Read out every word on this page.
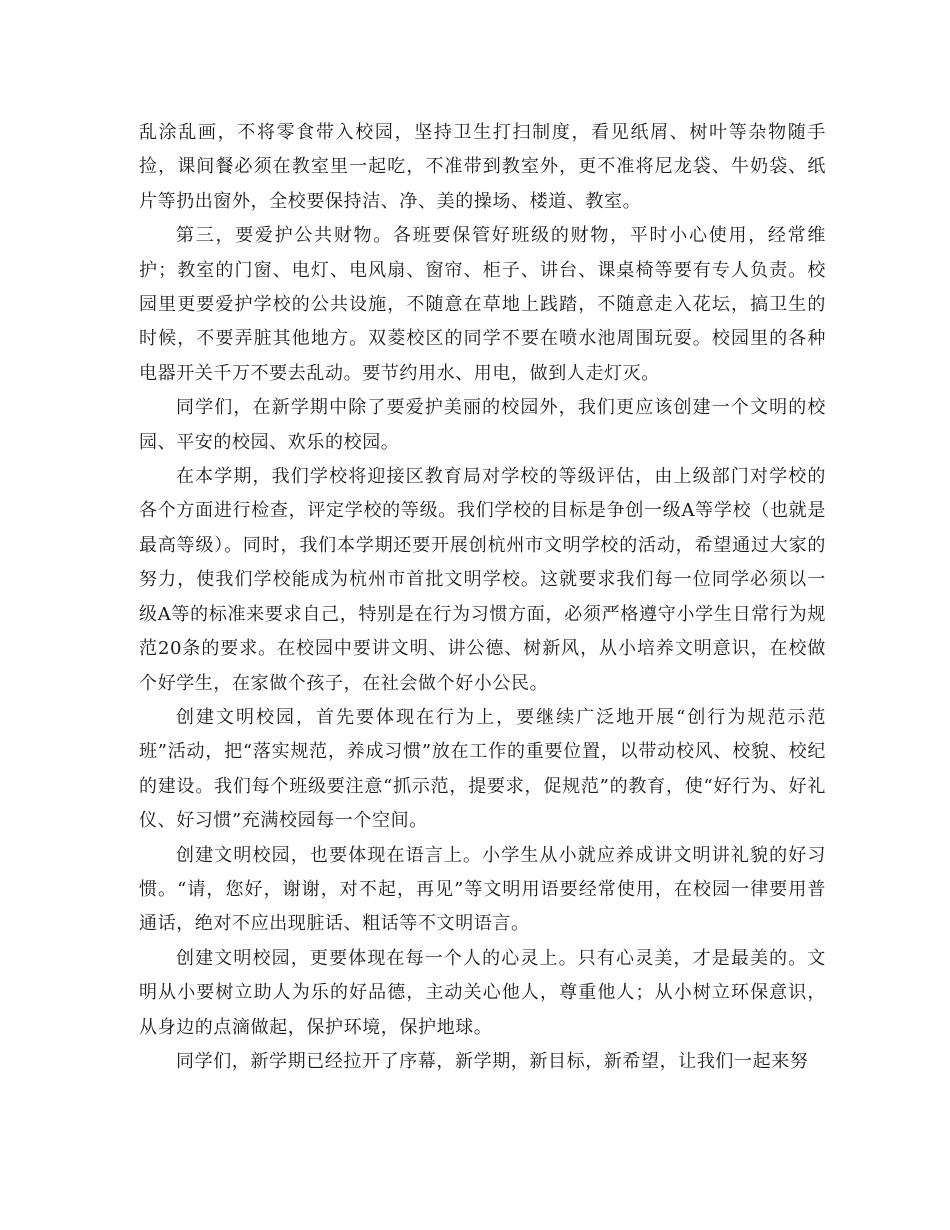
乱涂乱画，不将零食带入校园，坚持卫生打扫制度，看见纸屑、树叶等杂物随手捡，课间餐必须在教室里一起吃，不准带到教室外，更不准将尼龙袋、牛奶袋、纸片等扔出窗外，全校要保持洁、净、美的操场、楼道、教室。

第三，要爱护公共财物。各班要保管好班级的财物，平时小心使用，经常维护；教室的门窗、电灯、电风扇、窗帘、柜子、讲台、课桌椅等要有专人负责。校园里更要爱护学校的公共设施，不随意在草地上践踏，不随意走入花坛，搞卫生的时候，不要弄脏其他地方。双菱校区的同学不要在喷水池周围玩耍。校园里的各种电器开关千万不要去乱动。要节约用水、用电，做到人走灯灭。

同学们，在新学期中除了要爱护美丽的校园外，我们更应该创建一个文明的校园、平安的校园、欢乐的校园。

在本学期，我们学校将迎接区教育局对学校的等级评估，由上级部门对学校的各个方面进行检查，评定学校的等级。我们学校的目标是争创一级A等学校（也就是最高等级）。同时，我们本学期还要开展创杭州市文明学校的活动，希望通过大家的努力，使我们学校能成为杭州市首批文明学校。这就要求我们每一位同学必须以一级A等的标准来要求自己，特别是在行为习惯方面，必须严格遵守小学生日常行为规范20条的要求。在校园中要讲文明、讲公德、树新风，从小培养文明意识，在校做个好学生，在家做个孩子，在社会做个好小公民。

创建文明校园，首先要体现在行为上，要继续广泛地开展“创行为规范示范班”活动，把“落实规范，养成习惯”放在工作的重要位置，以带动校风、校貌、校纪的建设。我们每个班级要注意“抓示范，提要求，促规范”的教育，使“好行为、好礼仪、好习惯”充满校园每一个空间。

创建文明校园，也要体现在语言上。小学生从小就应养成讲文明讲礼貌的好习惯。“请，您好，谢谢，对不起，再见”等文明用语要经常使用，在校园一律要用普通话，绝对不应出现脏话、粗话等不文明语言。

创建文明校园，更要体现在每一个人的心灵上。只有心灵美，才是最美的。文明从小要树立助人为乐的好品德，主动关心他人，尊重他人；从小树立环保意识，从身边的点滴做起，保护环境，保护地球。

同学们，新学期已经拉开了序幕，新学期，新目标，新希望，让我们一起来努
